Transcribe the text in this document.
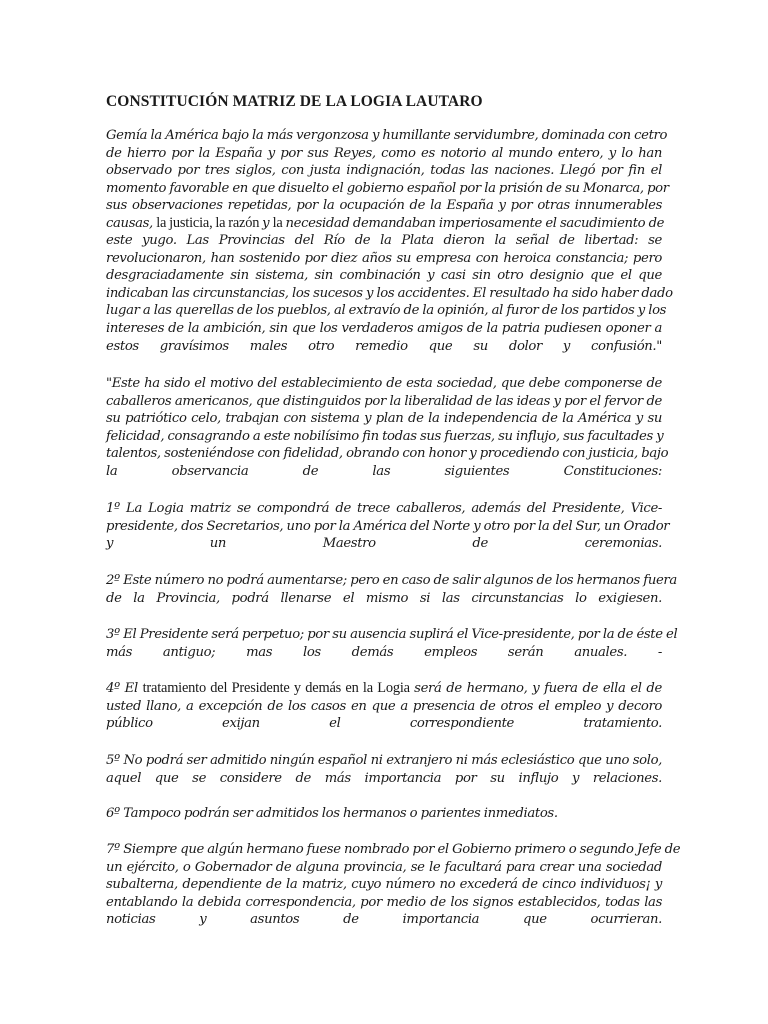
CONSTITUCIÓN MATRIZ DE LA LOGIA LAUTARO
Gemía la América bajo la más vergonzosa y humillante servidumbre, dominada con cetro
de hierro por la España y por sus Reyes, como es notorio al mundo entero, y lo han
observado por tres siglos, con justa indignación, todas las naciones. Llegó por fin el
momento favorable en que disuelto el gobierno español por la prisión de su Monarca, por
sus observaciones repetidas, por la ocupación de la España y por otras innumerables
causas, la justicia, la razón y la necesidad demandaban imperiosamente el sacudimiento de
este yugo. Las Provincias del Río de la Plata dieron la señal de libertad: se
revolucionaron, han sostenido por diez años su empresa con heroica constancia; pero
desgraciadamente sin sistema, sin combinación y casi sin otro designio que el que
indicaban las circunstancias, los sucesos y los accidentes. El resultado ha sido haber dado
lugar a las querellas de los pueblos, al extravío de la opinión, al furor de los partidos y los
intereses de la ambición, sin que los verdaderos amigos de la patria pudiesen oponer a
estos gravísimos males otro remedio que su dolor y confusión."
"Este ha sido el motivo del establecimiento de esta sociedad, que debe componerse de
caballeros americanos, que distinguidos por la liberalidad de las ideas y por el fervor de
su patriótico celo, trabajan con sistema y plan de la independencia de la América y su
felicidad, consagrando a este nobilísimo fin todas sus fuerzas, su influjo, sus facultades y
talentos, sosteniéndose con fidelidad, obrando con honor y procediendo con justicia, bajo
la observancia de las siguientes Constituciones:
1º La Logia matriz se compondrá de trece caballeros, además del Presidente, Vice-
presidente, dos Secretarios, uno por la América del Norte y otro por la del Sur, un Orador
y un Maestro de ceremonias.
2º Este número no podrá aumentarse; pero en caso de salir algunos de los hermanos fuera
de la Provincia, podrá llenarse el mismo si las circunstancias lo exigiesen.
3º El Presidente será perpetuo; por su ausencia suplirá el Vice-presidente, por la de éste el
más antiguo; mas los demás empleos serán anuales. -
4º El tratamiento del Presidente y demás en la Logia será de hermano, y fuera de ella el de
usted llano, a excepción de los casos en que a presencia de otros el empleo y decoro
público exijan el correspondiente tratamiento.
5º No podrá ser admitido ningún español ni extranjero ni más eclesiástico que uno solo,
aquel que se considere de más importancia por su influjo y relaciones.
6º Tampoco podrán ser admitidos los hermanos o parientes inmediatos.
7º Siempre que algún hermano fuese nombrado por el Gobierno primero o segundo Jefe de
un ejército, o Gobernador de alguna provincia, se le facultará para crear una sociedad
subalterna, dependiente de la matriz, cuyo número no excederá de cinco individuos¡ y
entablando la debida correspondencia, por medio de los signos establecidos, todas las
noticias y asuntos de importancia que ocurrieran.
